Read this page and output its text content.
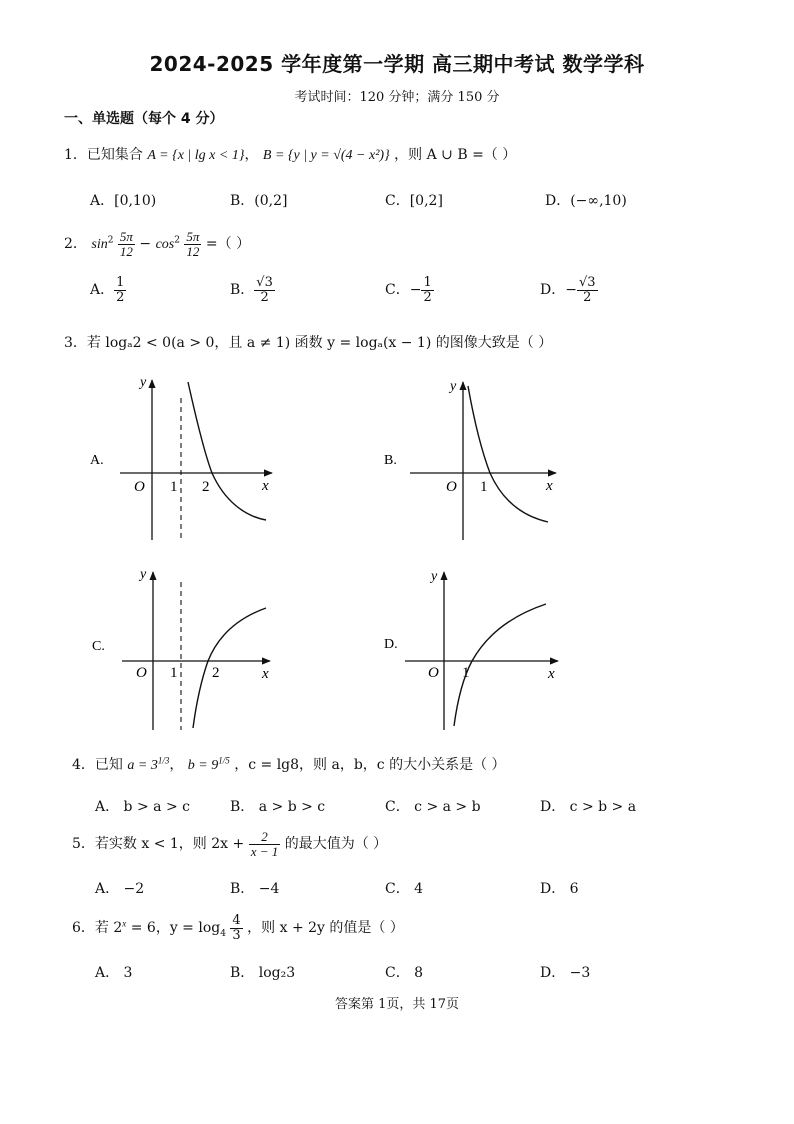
2024-2025 学年度第一学期 高三期中考试 数学学科
考试时间：120 分钟；满分 150 分
一、单选题（每个 4 分）
1．已知集合 A = {x | lg x < 1}， B = {y | y = √(4 − x²)} ，则 A ∪ B =（ ）
A．[0,10)	B．(0,2]	C．[0,2]	D．(−∞,10)
2． $\sin^2 \frac{5\pi}{12} - \cos^2 \frac{5\pi}{12}$ =（ ）
A． $\frac{1}{2}$	B． $\frac{√3}{2}$	C．− $\frac{1}{2}$	D．− $\frac{√3}{2}$
3．若 logₐ2 < 0(a > 0，且 a ≠ 1) 函数 y = logₐ(x − 1) 的图像大致是（ ）
A.
y
x
O 1 2
B.
y
x
O 1
C.
y
x
O 1 2
D.
y
x
O 1
4．已知 $a = 3^{1/3}$， $b = 9^{1/5}$ ，c = lg8，则 a，b，c 的大小关系是（ ）
A． b > a > c	B． a > b > c	C． c > a > b	D． c > b > a
5．若实数 x < 1，则 $2x + \frac{2}{x - 1}$ 的最大值为（ ）
A． −2	B． −4	C． 4	D． 6
6．若 $2^x = 6$，$y = \log_4 \frac{4}{3}$ ，则 x + 2y 的值是（ ）
A． 3	B． log₂3	C． 8	D． −3
答案第 1页，共 17页
